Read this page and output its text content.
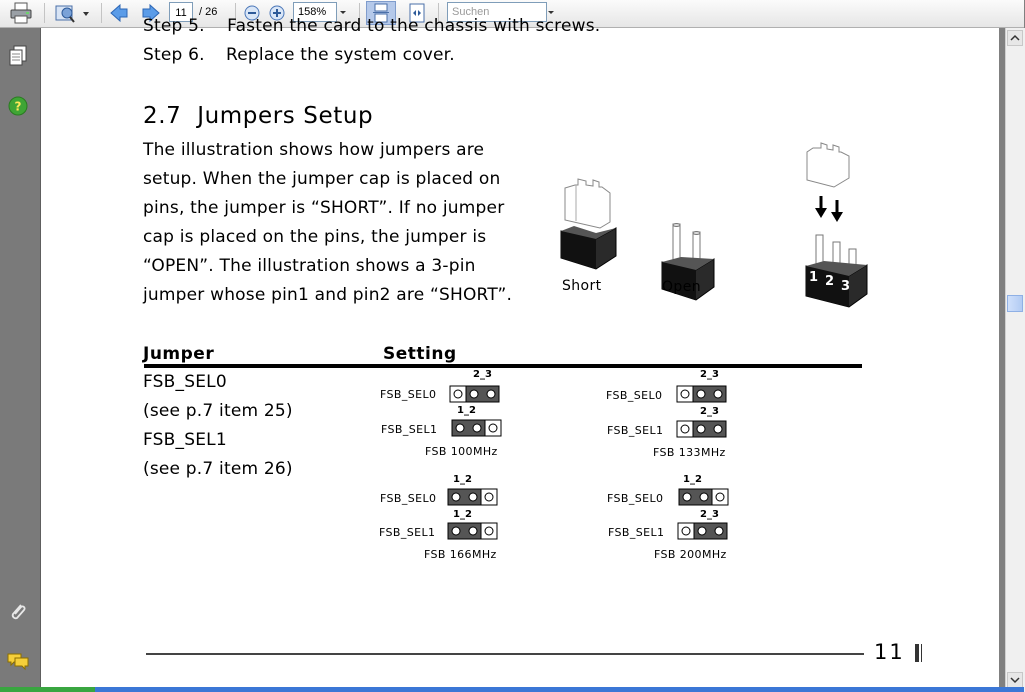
11	/ 26	158%	Suchen
?
Step 5.    Fasten the card to the chassis with screws.
Step 6. Replace the system cover.
2.7  Jumpers Setup
The illustration shows how jumpers are
setup. When the jumper cap is placed on
pins, the jumper is “SHORT”. If no jumper
cap is placed on the pins, the jumper is
“OPEN”. The illustration shows a 3-pin
jumper whose pin1 and pin2 are “SHORT”.
1 2 3
Short	Open
Jumper	Setting
FSB_SEL0
(see p.7 item 25)
FSB_SEL1
(see p.7 item 26)
2_3
FSB_SEL0
1_2
FSB_SEL1
FSB 100MHz
2_3
FSB_SEL0
2_3
FSB_SEL1
FSB 133MHz
1_2
FSB_SEL0
1_2
FSB_SEL1
FSB 166MHz
1_2
FSB_SEL0
2_3
FSB_SEL1
FSB 200MHz
11
